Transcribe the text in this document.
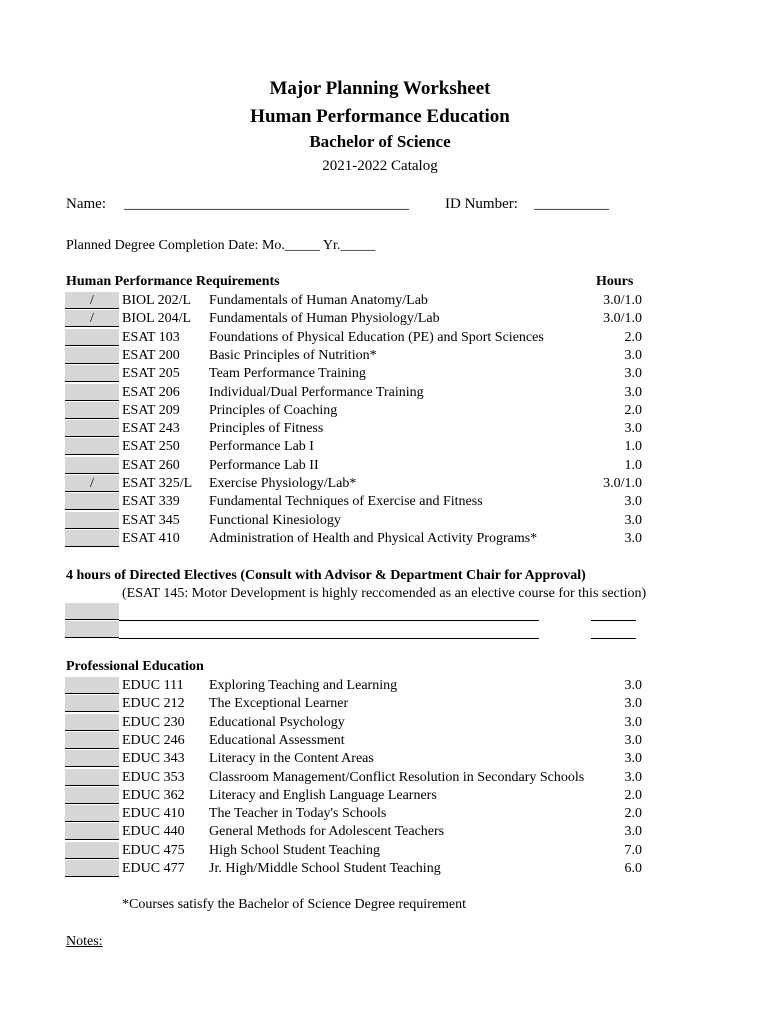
Major Planning Worksheet
Human Performance Education
Bachelor of Science
2021-2022 Catalog
Name: ______________________________________ ID Number: __________
Planned Degree Completion Date: Mo._____ Yr._____
Human Performance Requirements	Hours
/	BIOL 202/L Fundamentals of Human Anatomy/Lab	3.0/1.0
/	BIOL 204/L Fundamentals of Human Physiology/Lab	3.0/1.0
ESAT 103 Foundations of Physical Education (PE) and Sport Sciences	2.0
ESAT 200 Basic Principles of Nutrition*	3.0
ESAT 205 Team Performance Training	3.0
ESAT 206 Individual/Dual Performance Training	3.0
ESAT 209 Principles of Coaching	2.0
ESAT 243 Principles of Fitness	3.0
ESAT 250 Performance Lab I	1.0
ESAT 260 Performance Lab II	1.0
/	ESAT 325/L Exercise Physiology/Lab*	3.0/1.0
ESAT 339 Fundamental Techniques of Exercise and Fitness	3.0
ESAT 345 Functional Kinesiology	3.0
ESAT 410 Administration of Health and Physical Activity Programs*	3.0
4 hours of Directed Electives (Consult with Advisor & Department Chair for Approval)
(ESAT 145: Motor Development is highly reccomended as an elective course for this section)
Professional Education
EDUC 111 Exploring Teaching and Learning	3.0
EDUC 212 The Exceptional Learner	3.0
EDUC 230 Educational Psychology	3.0
EDUC 246 Educational Assessment	3.0
EDUC 343 Literacy in the Content Areas	3.0
EDUC 353 Classroom Management/Conflict Resolution in Secondary Schools	3.0
EDUC 362 Literacy and English Language Learners	2.0
EDUC 410 The Teacher in Today's Schools	2.0
EDUC 440 General Methods for Adolescent Teachers	3.0
EDUC 475 High School Student Teaching	7.0
EDUC 477 Jr. High/Middle School Student Teaching	6.0
*Courses satisfy the Bachelor of Science Degree requirement
Notes:
